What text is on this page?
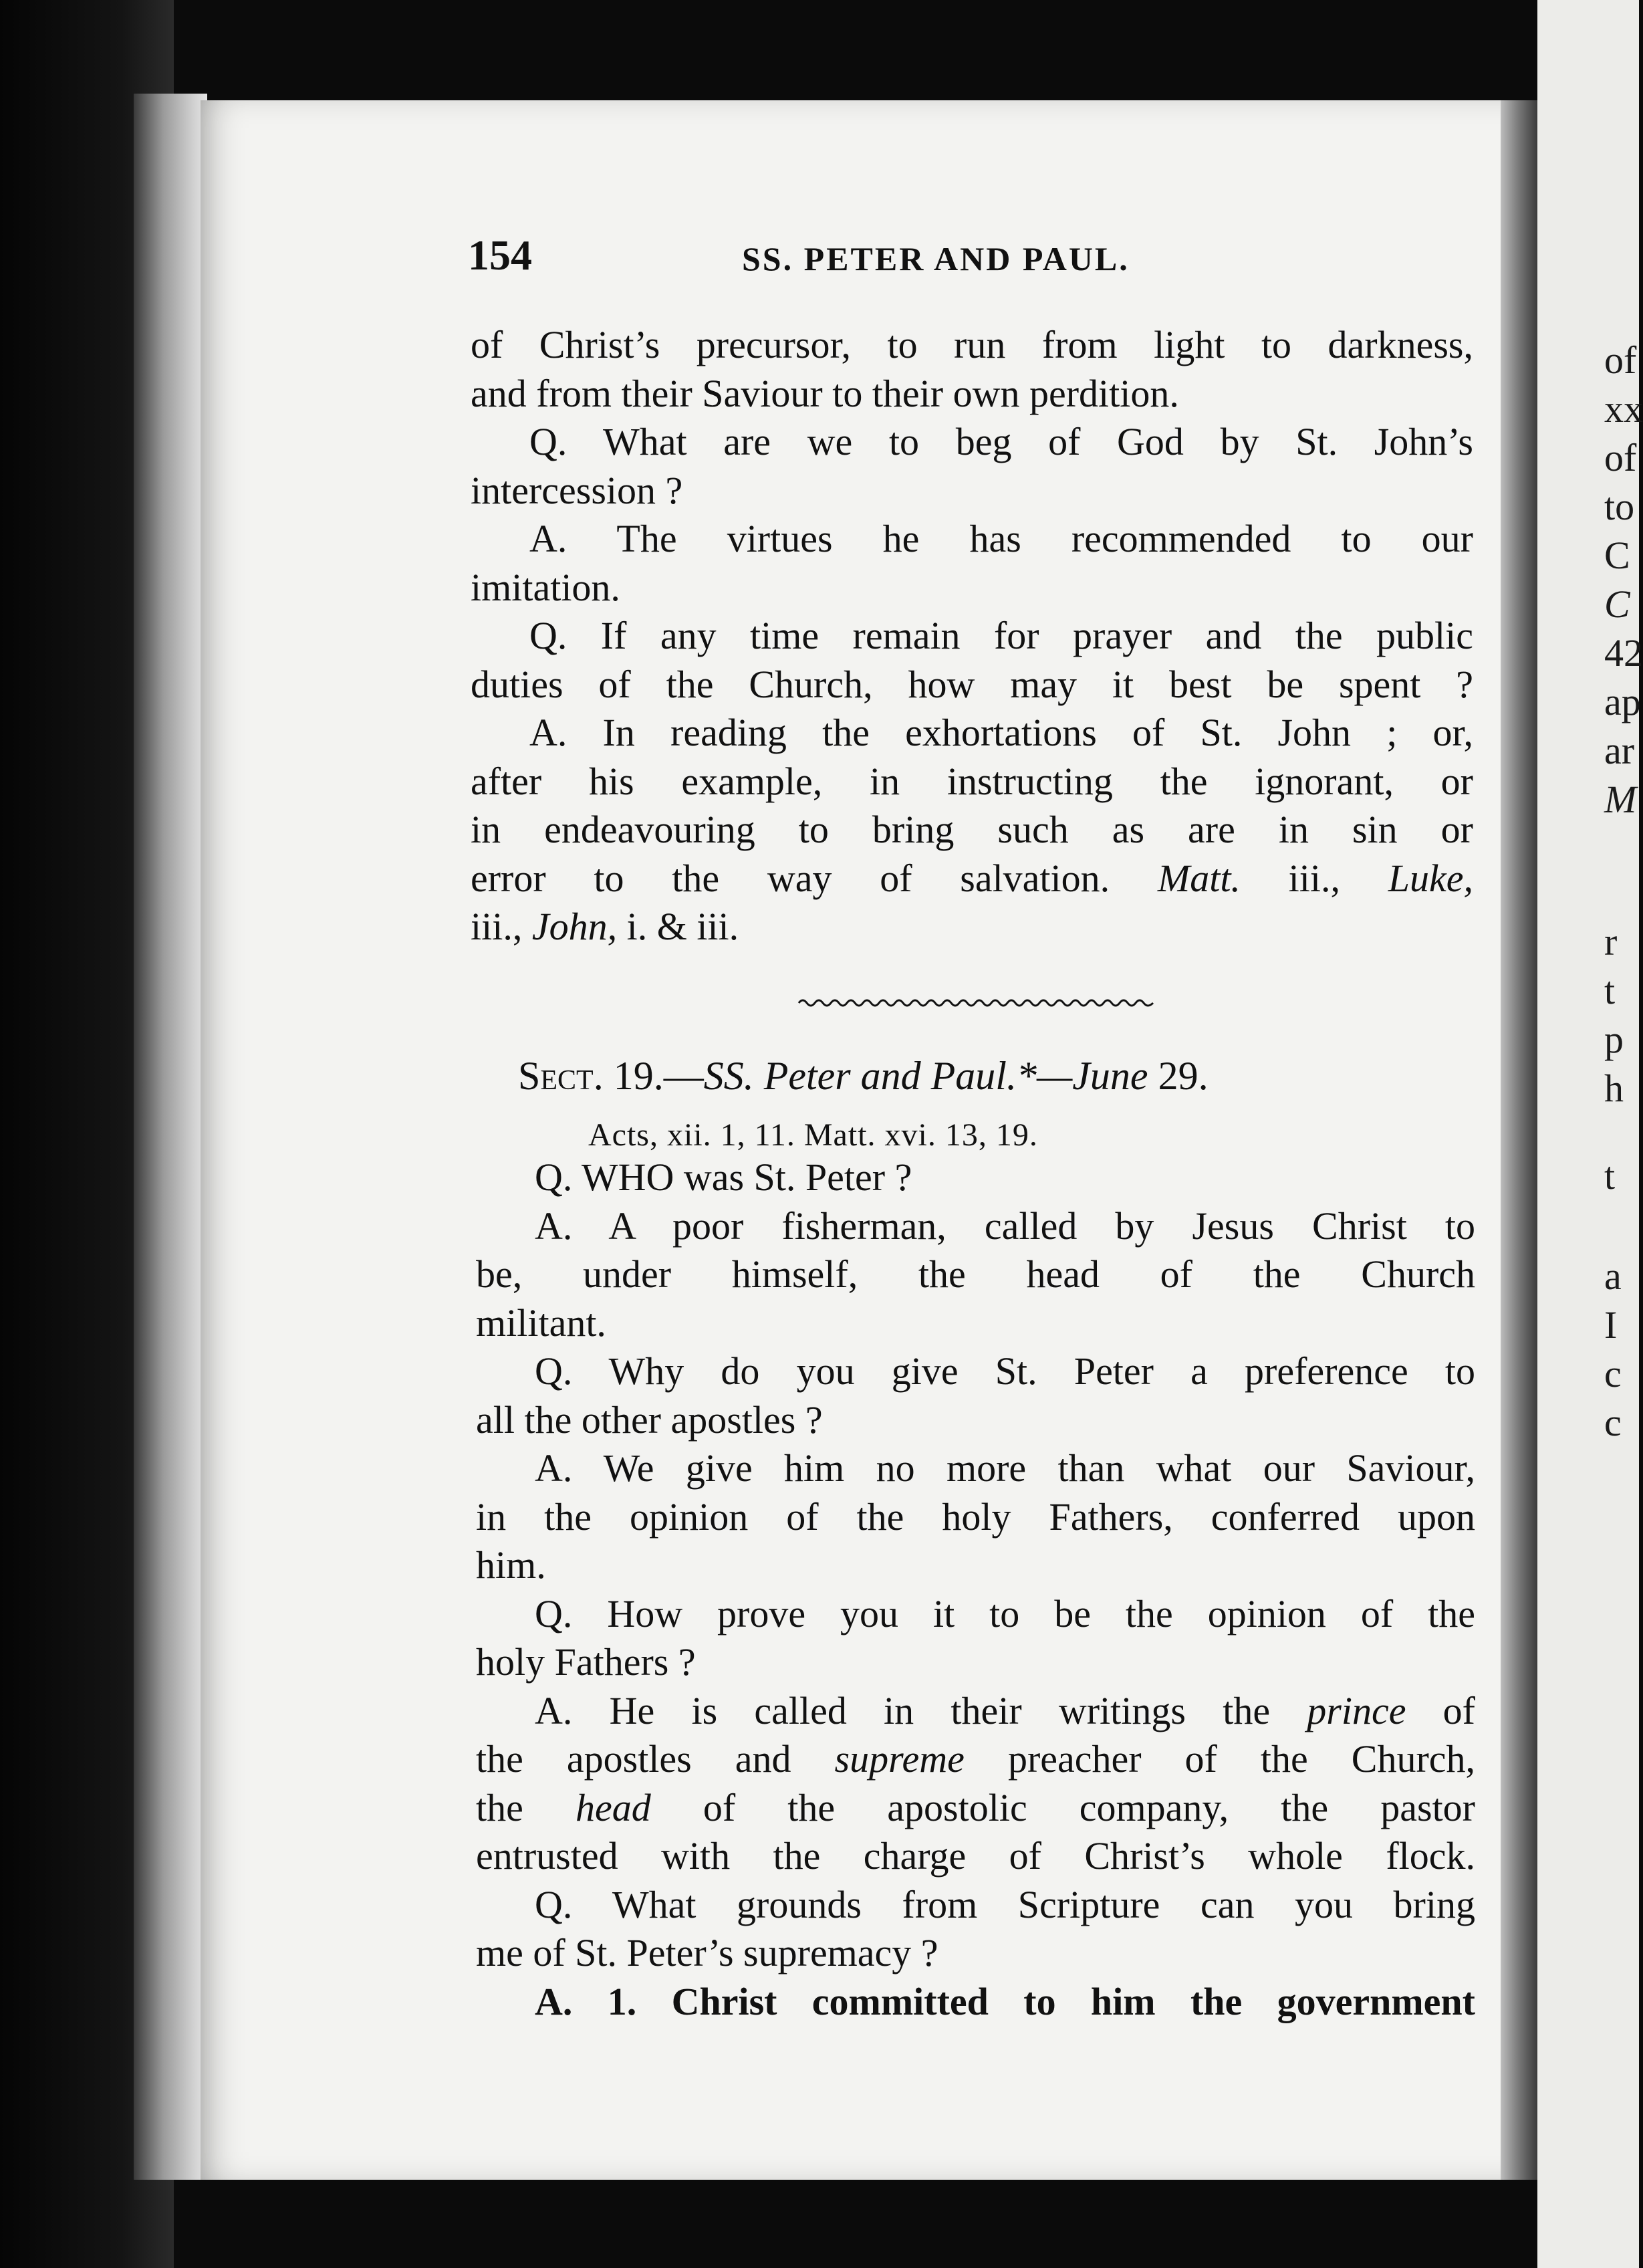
of
xx
of
to
C
C
42
ap
ar
M
r
t
p
h
t
a
I
c
c
154	SS. PETER AND PAUL.
of Christ’s precursor, to run from light to darkness,
and from their Saviour to their own perdition.
Q. What are we to beg of God by St. John’s
intercession ?
A. The virtues he has recommended to our
imitation.
Q. If any time remain for prayer and the public
duties of the Church, how may it best be spent ?
A. In reading the exhortations of St. John ; or,
after his example, in instructing the ignorant, or
in endeavouring to bring such as are in sin or
error to the way of salvation. Matt. iii., Luke,
iii., John, i. & iii.
Sect. 19.—SS. Peter and Paul.*—June 29.
Acts, xii. 1, 11. Matt. xvi. 13, 19.
Q. WHO was St. Peter ?
A. A poor fisherman, called by Jesus Christ to
be, under himself, the head of the Church
militant.
Q. Why do you give St. Peter a preference to
all the other apostles ?
A. We give him no more than what our Saviour,
in the opinion of the holy Fathers, conferred upon
him.
Q. How prove you it to be the opinion of the
holy Fathers ?
A. He is called in their writings the prince of
the apostles and supreme preacher of the Church,
the head of the apostolic company, the pastor
entrusted with the charge of Christ’s whole flock.
Q. What grounds from Scripture can you bring
me of St. Peter’s supremacy ?
A. 1. Christ committed to him the government
